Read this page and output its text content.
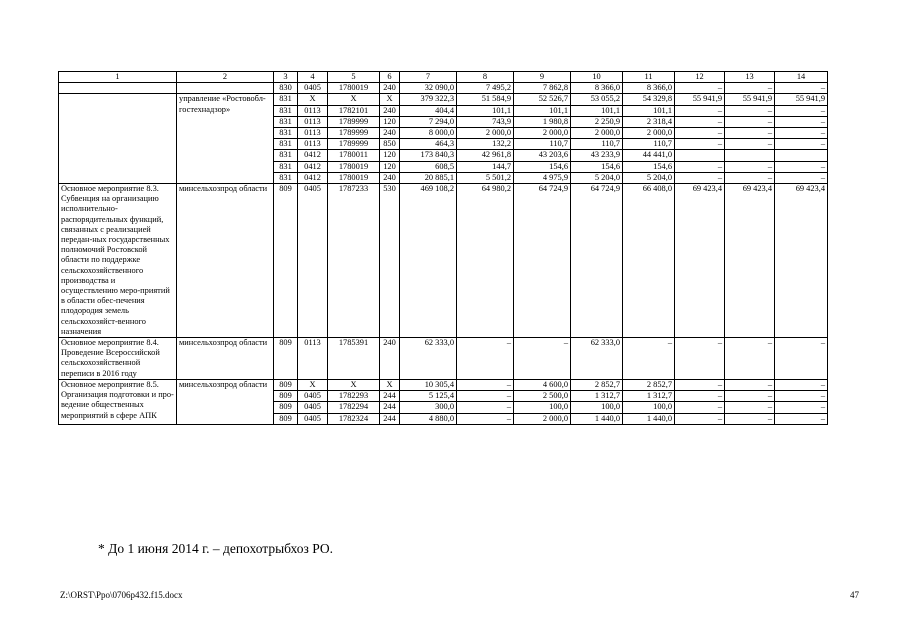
1	2	3	4	5	6	7	8	9	10	11	12	13	14
		830	0405	1780019	240	32 090,0	7 495,2	7 862,8	8 366,0	8 366,0	–	–	–
	управление «Ростовобл-гостехнадзор»	831	Х	Х	Х	379 322,3	51 584,9	52 526,7	53 055,2	54 329,8	55 941,9	55 941,9	55 941,9
		831	0113	1782101	240	404,4	101,1	101,1	101,1	101,1	–	–	–
		831	0113	1789999	120	7 294,0	743,9	1 980,8	2 250,9	2 318,4	–	–	–
		831	0113	1789999	240	8 000,0	2 000,0	2 000,0	2 000,0	2 000,0	–	–	–
		831	0113	1789999	850	464,3	132,2	110,7	110,7	110,7	–	–	–
		831	0412	1780011	120	173 840,3	42 961,8	43 203,6	43 233,9	44 441,0			
		831	0412	1780019	120	608,5	144,7	154,6	154,6	154,6	–	–	–
		831	0412	1780019	240	20 885,1	5 501,2	4 975,9	5 204,0	5 204,0	–	–	–
Основное мероприятие 8.3. Субвенция на организацию исполнительно-распорядительных функций, связанных с реализацией передан-ных государственных полномочий Ростовской области по поддержке сельскохозяйственного производства и осуществлению меро-приятий в области обес-печения плодородия земель сельскохозяйст-венного назначения	минсельхозпрод области	809	0405	1787233	530	469 108,2	64 980,2	64 724,9	64 724,9	66 408,0	69 423,4	69 423,4	69 423,4
Основное мероприятие 8.4. Проведение Всероссийской сельскохозяйственной переписи в 2016 году	минсельхозпрод области	809	0113	1785391	240	62 333,0	–	–	62 333,0	–	–	–	–
Основное мероприятие 8.5. Организация подготовки и про-ведение общественных мероприятий в сфере АПК	минсельхозпрод области	809	Х	Х	Х	10 305,4	–	4 600,0	2 852,7	2 852,7	–	–	–
		809	0405	1782293	244	5 125,4	–	2 500,0	1 312,7	1 312,7	–	–	–
		809	0405	1782294	244	300,0	–	100,0	100,0	100,0	–	–	–
		809	0405	1782324	244	4 880,0	–	2 000,0	1 440,0	1 440,0	–	–	–
* До 1 июня 2014 г. – депохотрыбхоз РО.
Z:\ORST\Ppo\0706p432.f15.docx	47
